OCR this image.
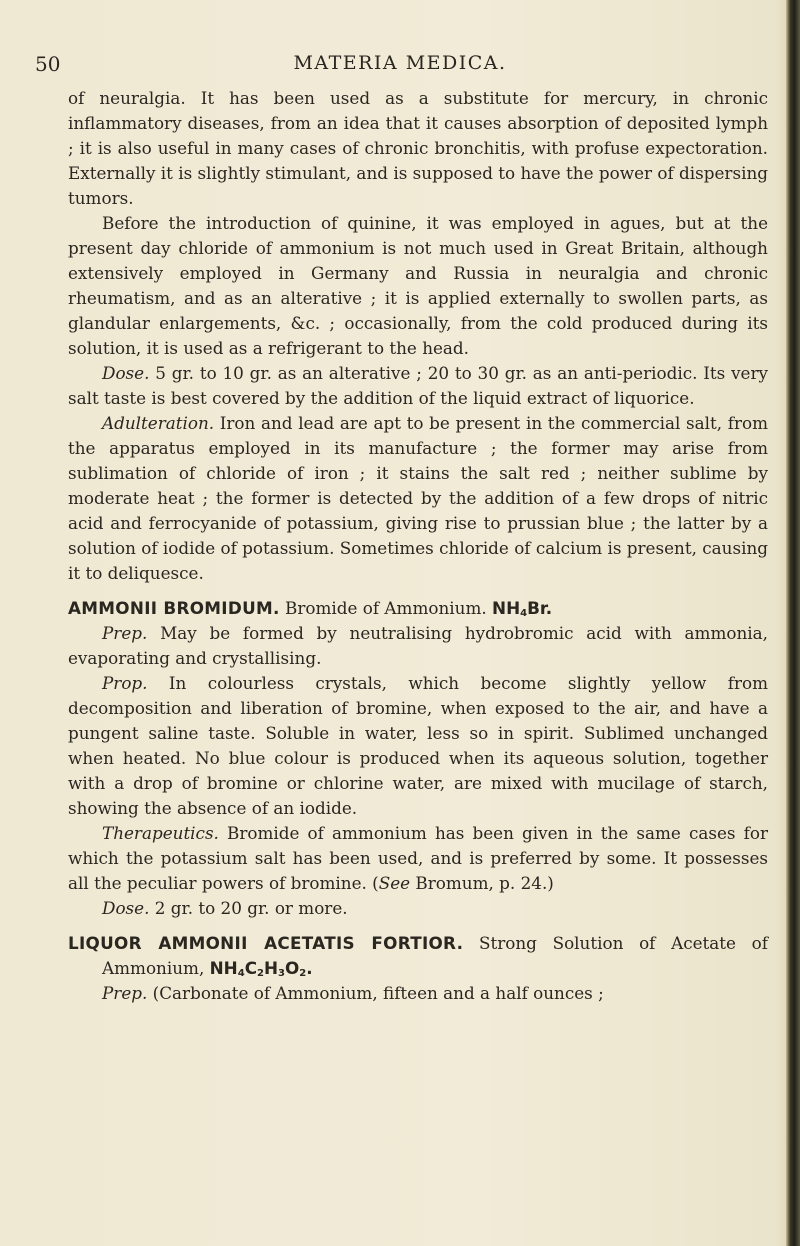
50	MATERIA MEDICA.

of neuralgia. It has been used as a substitute for mercury, in chronic inflammatory diseases, from an idea that it causes absorption of deposited lymph ; it is also useful in many cases of chronic bronchitis, with profuse expectoration. Externally it is slightly stimulant, and is supposed to have the power of dispersing tumors.

Before the introduction of quinine, it was employed in agues, but at the present day chloride of ammonium is not much used in Great Britain, although extensively employed in Germany and Russia in neuralgia and chronic rheumatism, and as an alterative ; it is applied externally to swollen parts, as glandular enlargements, &c. ; occasionally, from the cold produced during its solution, it is used as a refrigerant to the head.

Dose. 5 gr. to 10 gr. as an alterative ; 20 to 30 gr. as an anti-periodic. Its very salt taste is best covered by the addition of the liquid extract of liquorice.

Adulteration. Iron and lead are apt to be present in the commercial salt, from the apparatus employed in its manufacture ; the former may arise from sublimation of chloride of iron ; it stains the salt red ; neither sublime by moderate heat ; the former is detected by the addition of a few drops of nitric acid and ferrocyanide of potassium, giving rise to prussian blue ; the latter by a solution of iodide of potassium. Sometimes chloride of calcium is present, causing it to deliquesce.

AMMONII BROMIDUM. Bromide of Ammonium. $NH_4Br$.

Prep. May be formed by neutralising hydrobromic acid with ammonia, evaporating and crystallising.

Prop. In colourless crystals, which become slightly yellow from decomposition and liberation of bromine, when exposed to the air, and have a pungent saline taste. Soluble in water, less so in spirit. Sublimed unchanged when heated. No blue colour is produced when its aqueous solution, together with a drop of bromine or chlorine water, are mixed with mucilage of starch, showing the absence of an iodide.

Therapeutics. Bromide of ammonium has been given in the same cases for which the potassium salt has been used, and is preferred by some. It possesses all the peculiar powers of bromine. (See Bromum, p. 24.)

Dose. 2 gr. to 20 gr. or more.

LIQUOR AMMONII ACETATIS FORTIOR. Strong Solution of Acetate of Ammonium, $NH_4C_2H_3O_2$.

Prep. (Carbonate of Ammonium, fifteen and a half ounces ;
